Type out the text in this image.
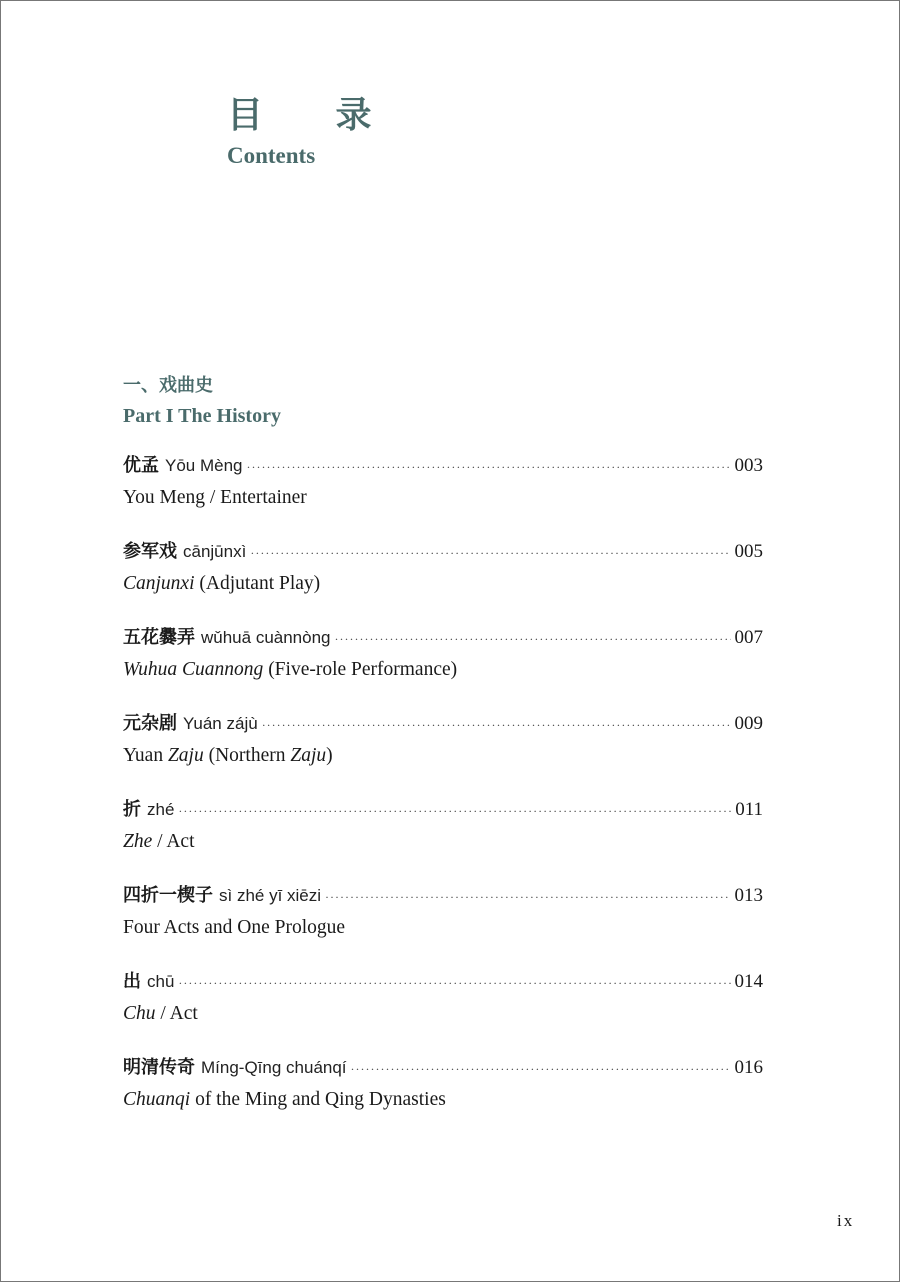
目 录
Contents
一、戏曲史
Part I The History
优孟 Yōu Mèng ·····	003
You Meng / Entertainer
参军戏 cānjūnxì ·····	005
Canjunxi (Adjutant Play)
五花爨弄 wǔhuā cuànnòng ·····	007
Wuhua Cuannong (Five-role Performance)
元杂剧 Yuán zájù ·····	009
Yuan Zaju (Northern Zaju)
折 zhé ·····	011
Zhe / Act
四折一楔子 sì zhé yī xiēzi ·····	013
Four Acts and One Prologue
出 chū ·····	014
Chu / Act
明清传奇 Míng-Qīng chuánqí ·····	016
Chuanqi of the Ming and Qing Dynasties
ix
